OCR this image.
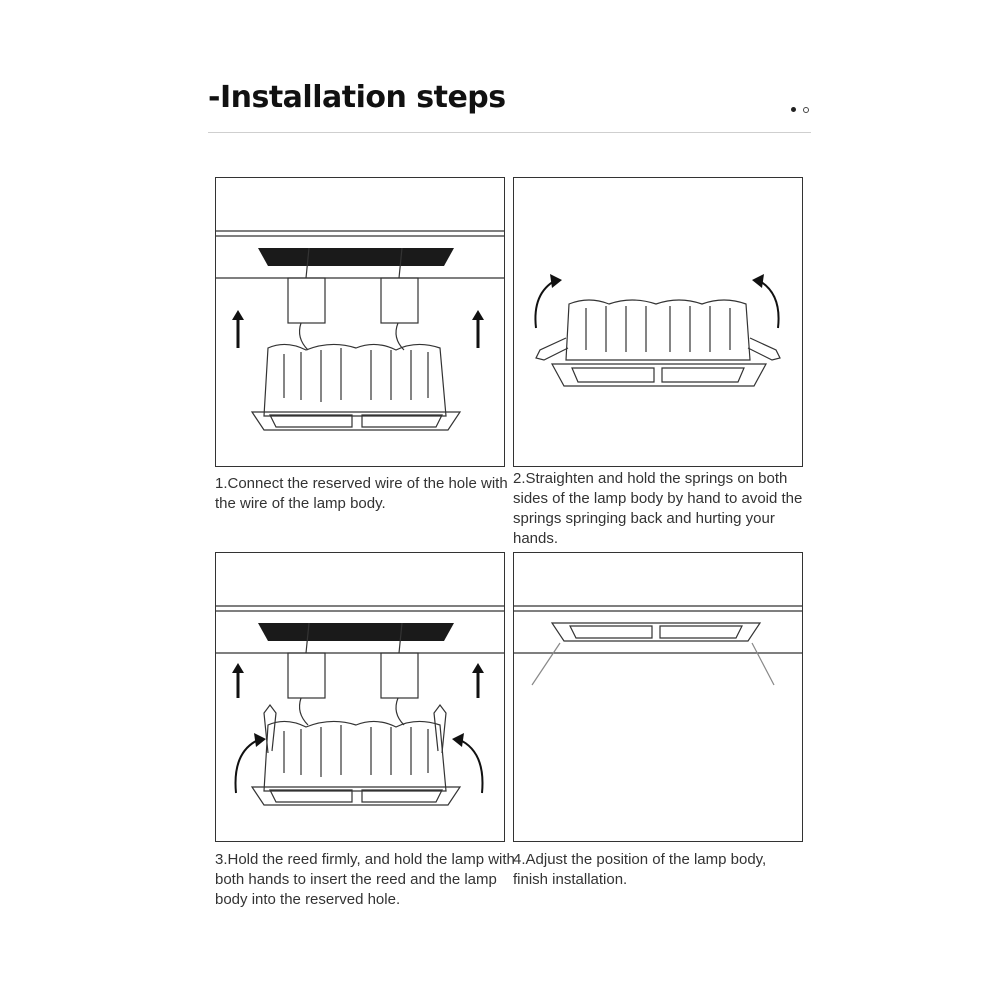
-Installation steps

1.Connect the reserved wire of the hole with the wire of the lamp body.
2.Straighten and hold the springs on both sides of the lamp body by hand to avoid the springs springing back and hurting your hands.
3.Hold the reed firmly, and hold the lamp with both hands to insert the reed and the lamp body into the reserved hole.
4.Adjust the position of the lamp body, finish installation.
